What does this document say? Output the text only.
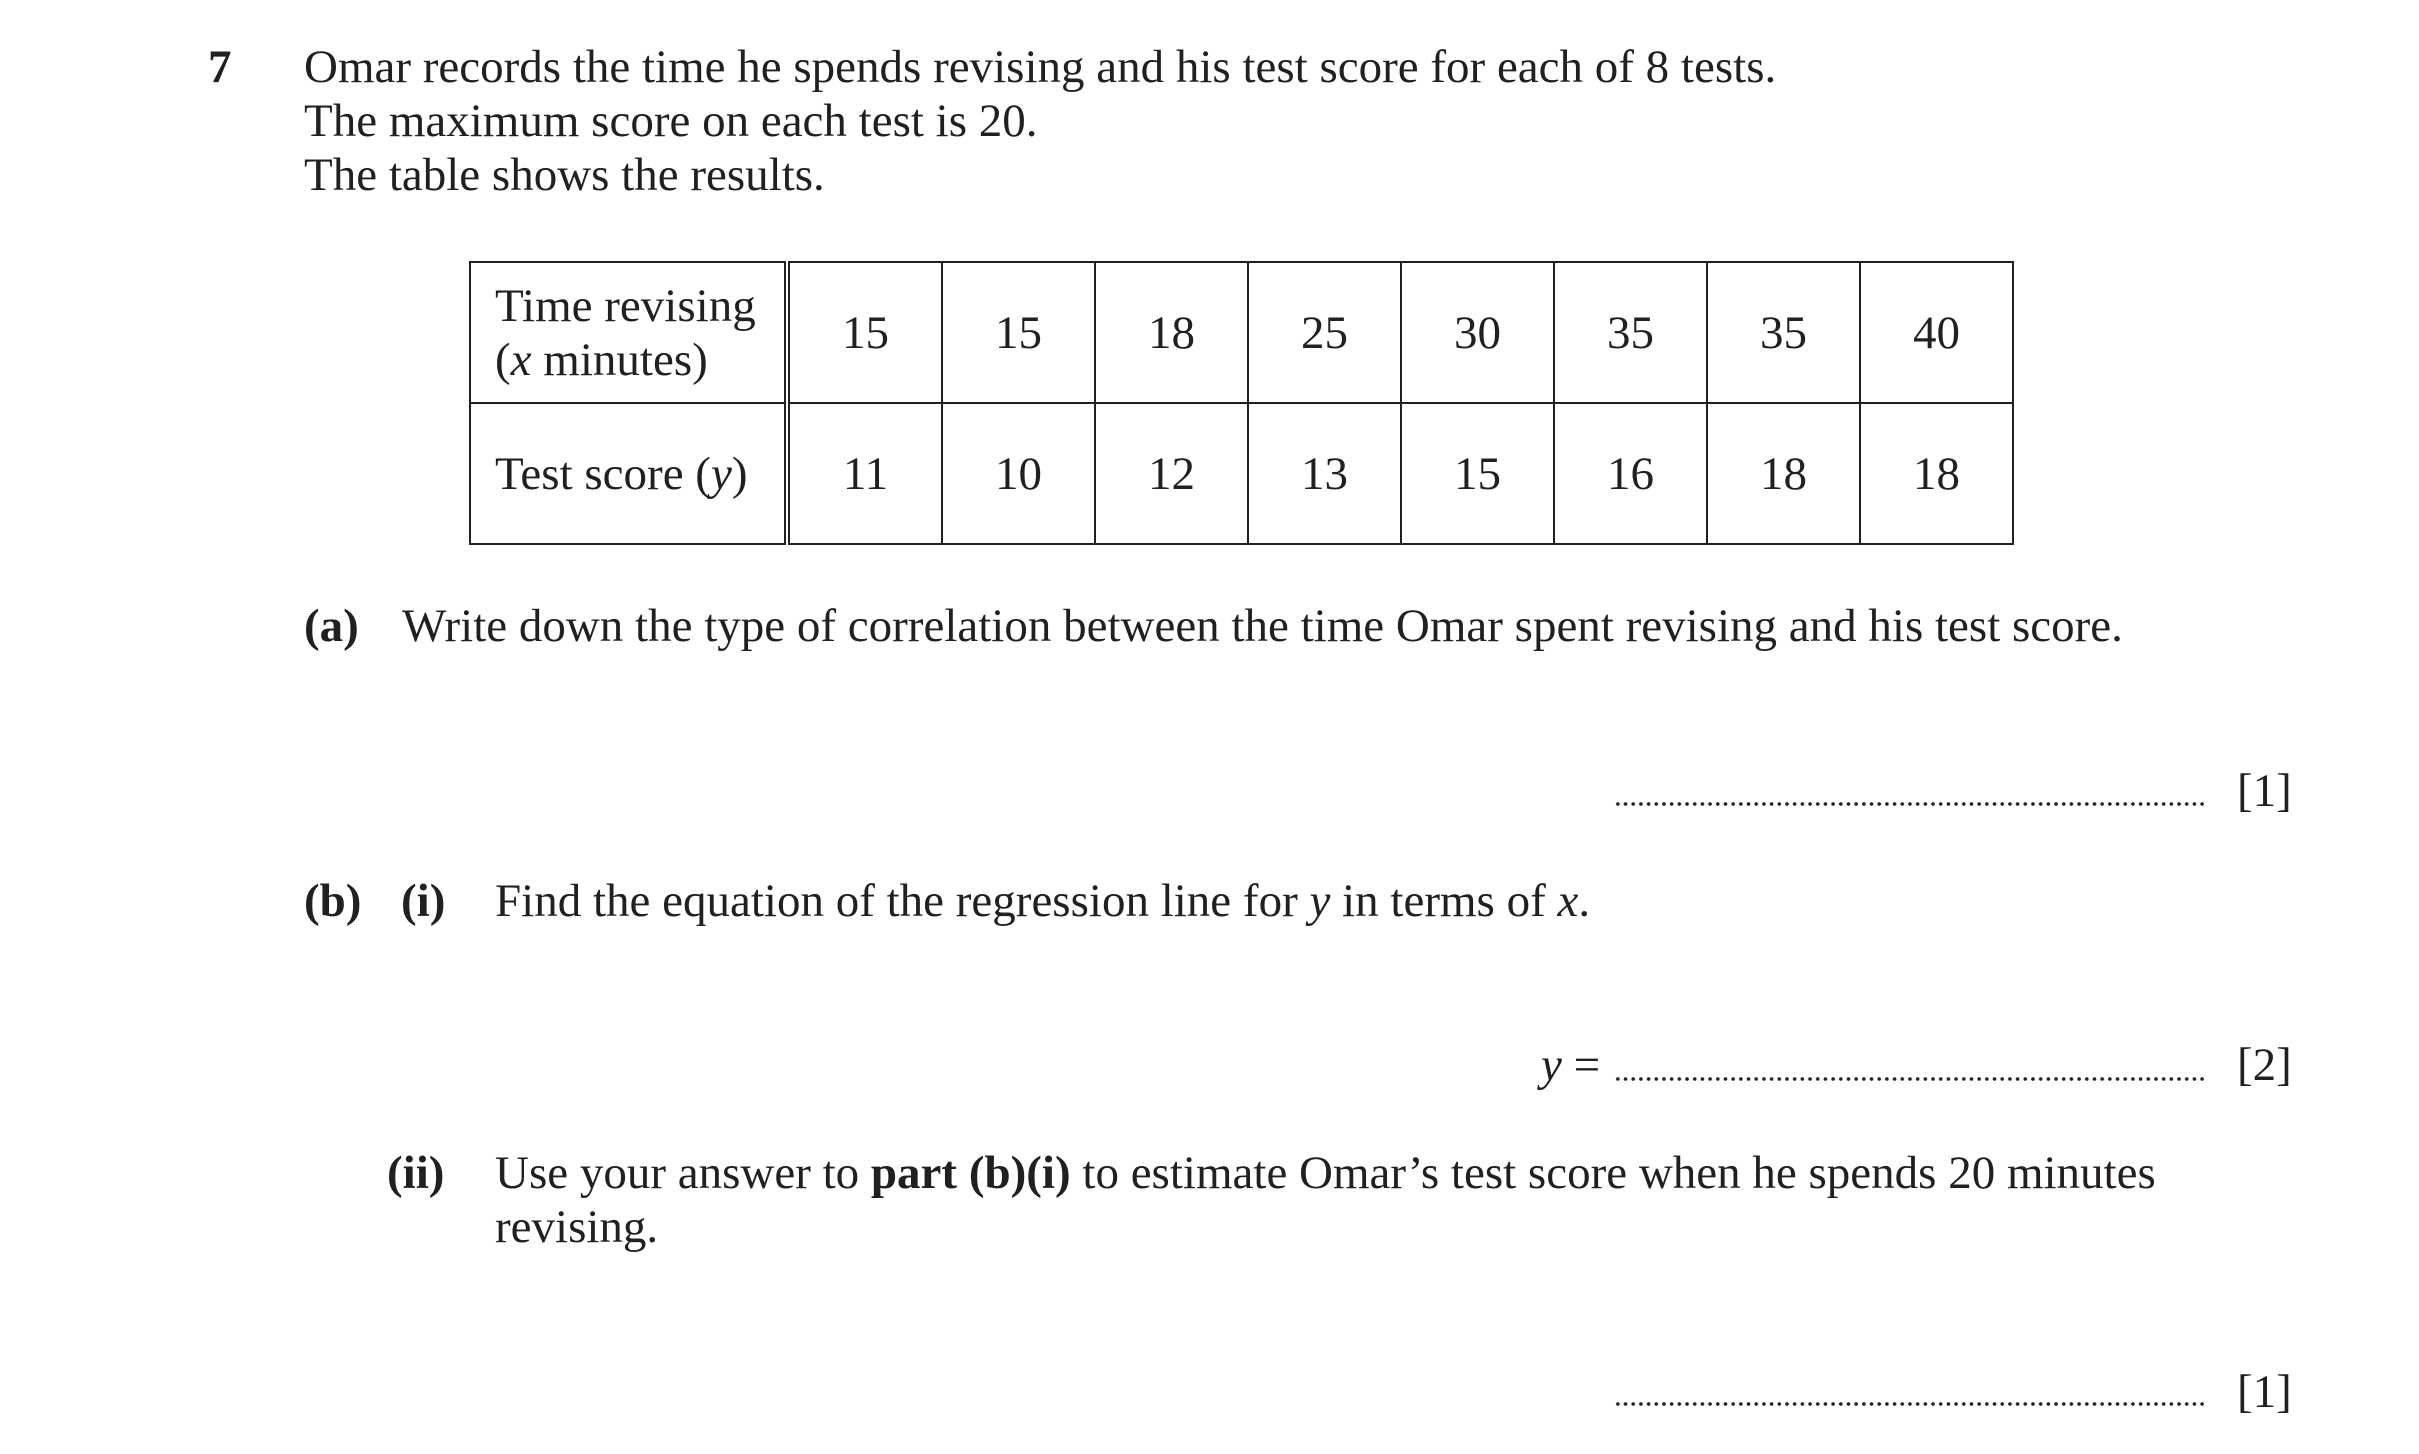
7 Omar records the time he spends revising and his test score for each of 8 tests.
The maximum score on each test is 20.
The table shows the results.
Time revising
(x minutes)	15	15	18	25	30	35	35	40
Test score (y)	11	10	12	13	15	16	18	18
(a) Write down the type of correlation between the time Omar spent revising and his test score.
[1]
(b) (i) Find the equation of the regression line for y in terms of x.
y =	[2]
(ii) Use your answer to part (b)(i) to estimate Omar’s test score when he spends 20 minutes
revising.
[1]
